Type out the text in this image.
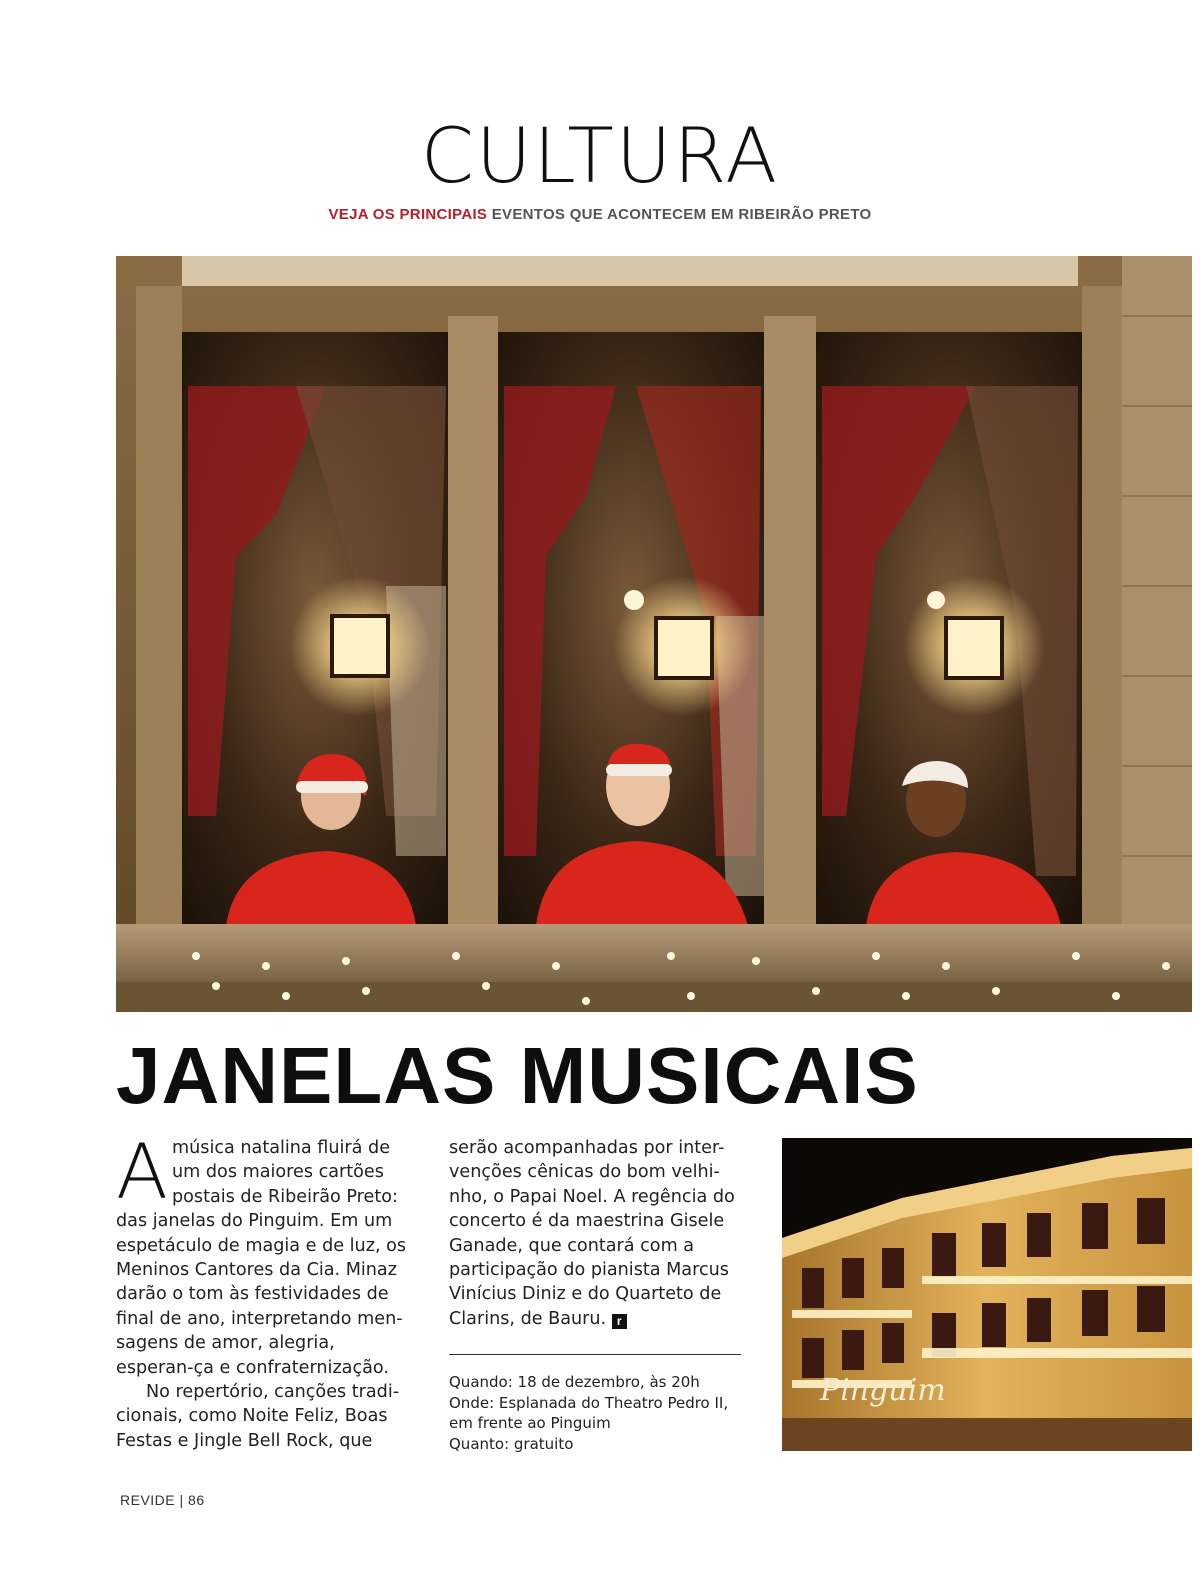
CULTURA
VEJA OS PRINCIPAIS EVENTOS QUE ACONTECEM EM RIBEIRÃO PRETO
JANELAS MUSICAIS
Amúsica natalina fluirá de um dos maiores cartões postais de Ribeirão Preto: das janelas do Pinguim. Em um espetáculo de magia e de luz, os Meninos Cantores da Cia. Minaz darão o tom às festividades de final de ano, interpretando men-sagens de amor, alegria, esperan-ça e confraternização.
No repertório, canções tradi-cionais, como Noite Feliz, Boas Festas e Jingle Bell Rock, que
serão acompanhadas por inter-venções cênicas do bom velhi-nho, o Papai Noel. A regência do concerto é da maestrina Gisele Ganade, que contará com a participação do pianista Marcus Vinícius Diniz e do Quarteto de Clarins, de Bauru. r
Quando: 18 de dezembro, às 20h
Onde: Esplanada do Theatro Pedro II,
em frente ao Pinguim
Quanto: gratuito
Pinguim
REVIDE | 86
